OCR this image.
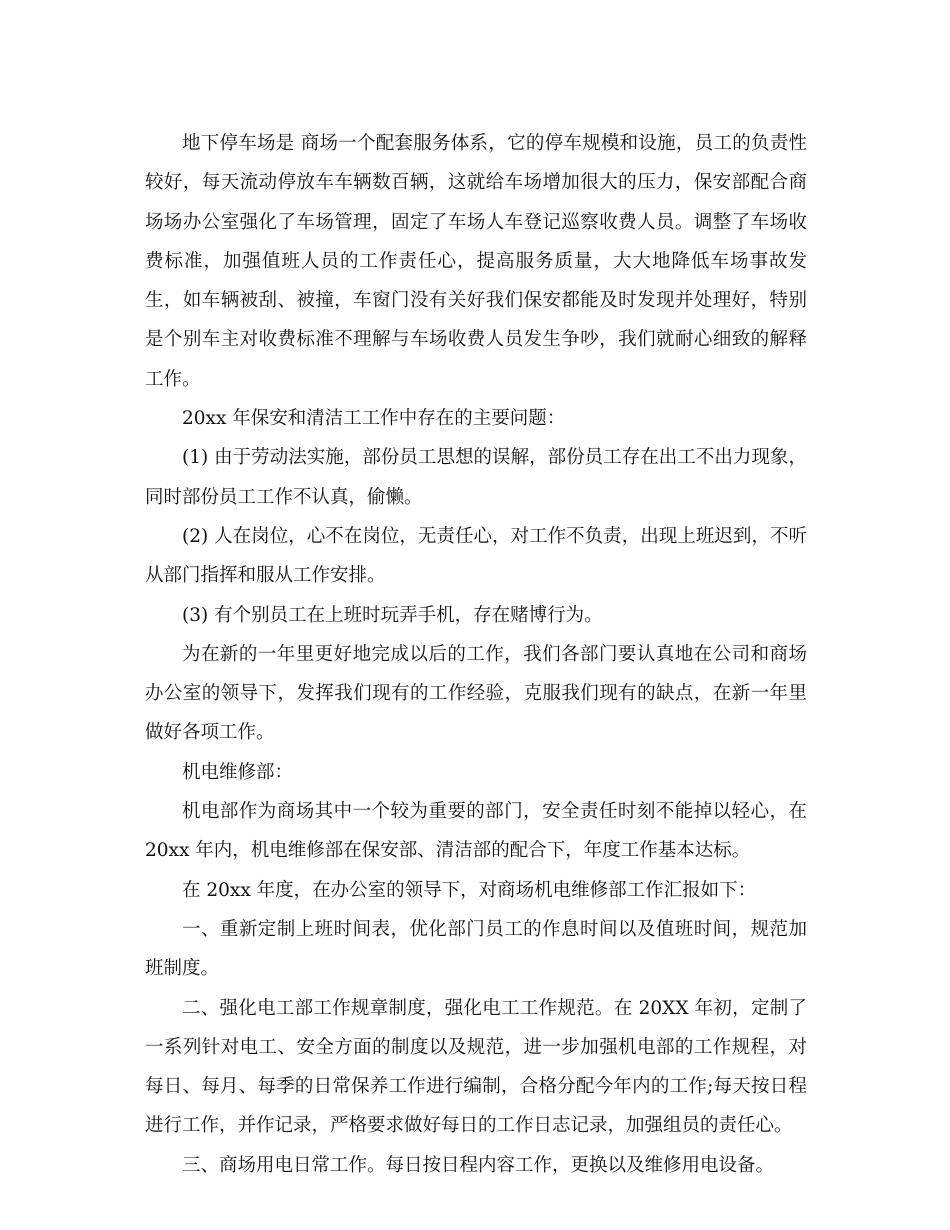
地下停车场是 商场一个配套服务体系，它的停车规模和设施，员工的负责性较好，每天流动停放车车辆数百辆，这就给车场增加很大的压力，保安部配合商场场办公室强化了车场管理，固定了车场人车登记巡察收费人员。调整了车场收费标准，加强值班人员的工作责任心，提高服务质量，大大地降低车场事故发生，如车辆被刮、被撞，车窗门没有关好我们保安都能及时发现并处理好，特别是个别车主对收费标准不理解与车场收费人员发生争吵，我们就耐心细致的解释工作。

20xx 年保安和清洁工工作中存在的主要问题：

(1) 由于劳动法实施，部份员工思想的误解，部份员工存在出工不出力现象，同时部份员工工作不认真，偷懒。

(2) 人在岗位，心不在岗位，无责任心，对工作不负责，出现上班迟到，不听从部门指挥和服从工作安排。

(3) 有个别员工在上班时玩弄手机，存在赌博行为。

为在新的一年里更好地完成以后的工作，我们各部门要认真地在公司和商场办公室的领导下，发挥我们现有的工作经验，克服我们现有的缺点，在新一年里做好各项工作。

机电维修部：

机电部作为商场其中一个较为重要的部门，安全责任时刻不能掉以轻心，在 20xx 年内，机电维修部在保安部、清洁部的配合下，年度工作基本达标。

在 20xx 年度，在办公室的领导下，对商场机电维修部工作汇报如下：

一、重新定制上班时间表，优化部门员工的作息时间以及值班时间，规范加班制度。

二、强化电工部工作规章制度，强化电工工作规范。在 20XX 年初，定制了一系列针对电工、安全方面的制度以及规范，进一步加强机电部的工作规程，对每日、每月、每季的日常保养工作进行编制，合格分配今年内的工作;每天按日程进行工作，并作记录，严格要求做好每日的工作日志记录，加强组员的责任心。

三、商场用电日常工作。每日按日程内容工作，更换以及维修用电设备。
